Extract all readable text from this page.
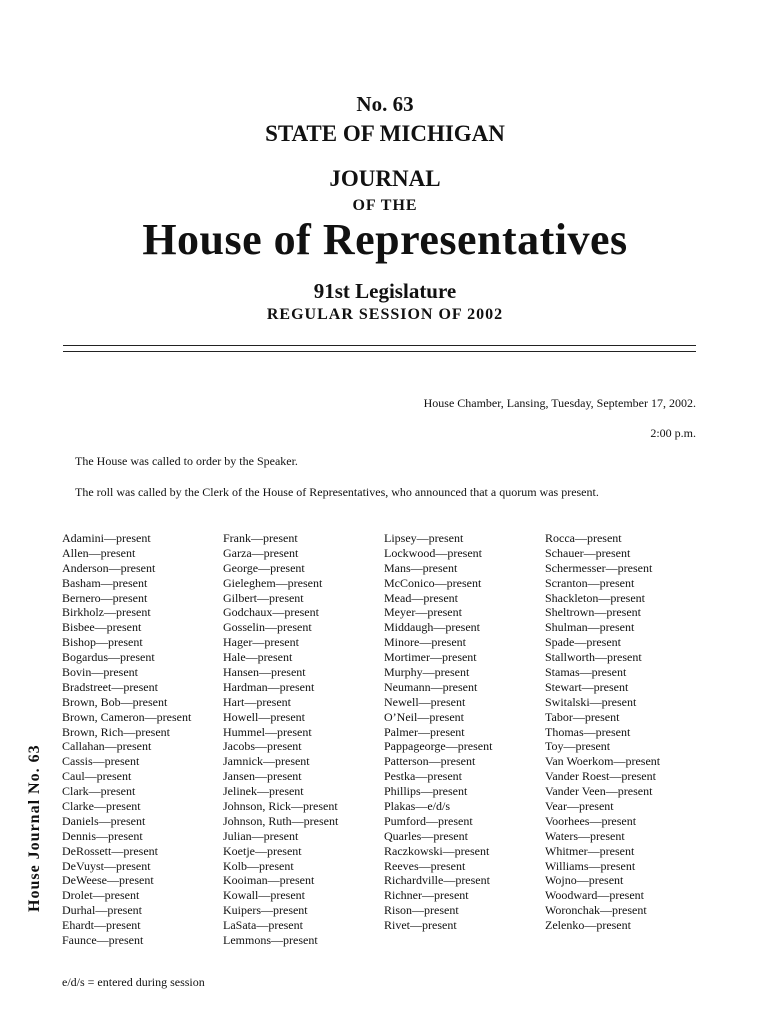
No. 63
STATE OF MICHIGAN
JOURNAL
OF THE
House of Representatives
91st Legislature
REGULAR SESSION OF 2002
House Chamber, Lansing, Tuesday, September 17, 2002.
2:00 p.m.
The House was called to order by the Speaker.
The roll was called by the Clerk of the House of Representatives, who announced that a quorum was present.
Adamini—present
Allen—present
Anderson—present
Basham—present
Bernero—present
Birkholz—present
Bisbee—present
Bishop—present
Bogardus—present
Bovin—present
Bradstreet—present
Brown, Bob—present
Brown, Cameron—present
Brown, Rich—present
Callahan—present
Cassis—present
Caul—present
Clark—present
Clarke—present
Daniels—present
Dennis—present
DeRossett—present
DeVuyst—present
DeWeese—present
Drolet—present
Durhal—present
Ehardt—present
Faunce—present
Frank—present
Garza—present
George—present
Gieleghem—present
Gilbert—present
Godchaux—present
Gosselin—present
Hager—present
Hale—present
Hansen—present
Hardman—present
Hart—present
Howell—present
Hummel—present
Jacobs—present
Jamnick—present
Jansen—present
Jelinek—present
Johnson, Rick—present
Johnson, Ruth—present
Julian—present
Koetje—present
Kolb—present
Kooiman—present
Kowall—present
Kuipers—present
LaSata—present
Lemmons—present
Lipsey—present
Lockwood—present
Mans—present
McConico—present
Mead—present
Meyer—present
Middaugh—present
Minore—present
Mortimer—present
Murphy—present
Neumann—present
Newell—present
O’Neil—present
Palmer—present
Pappageorge—present
Patterson—present
Pestka—present
Phillips—present
Plakas—e/d/s
Pumford—present
Quarles—present
Raczkowski—present
Reeves—present
Richardville—present
Richner—present
Rison—present
Rivet—present
Rocca—present
Schauer—present
Schermesser—present
Scranton—present
Shackleton—present
Sheltrown—present
Shulman—present
Spade—present
Stallworth—present
Stamas—present
Stewart—present
Switalski—present
Tabor—present
Thomas—present
Toy—present
Van Woerkom—present
Vander Roest—present
Vander Veen—present
Vear—present
Voorhees—present
Waters—present
Whitmer—present
Williams—present
Wojno—present
Woodward—present
Woronchak—present
Zelenko—present
House Journal No. 63
e/d/s = entered during session
